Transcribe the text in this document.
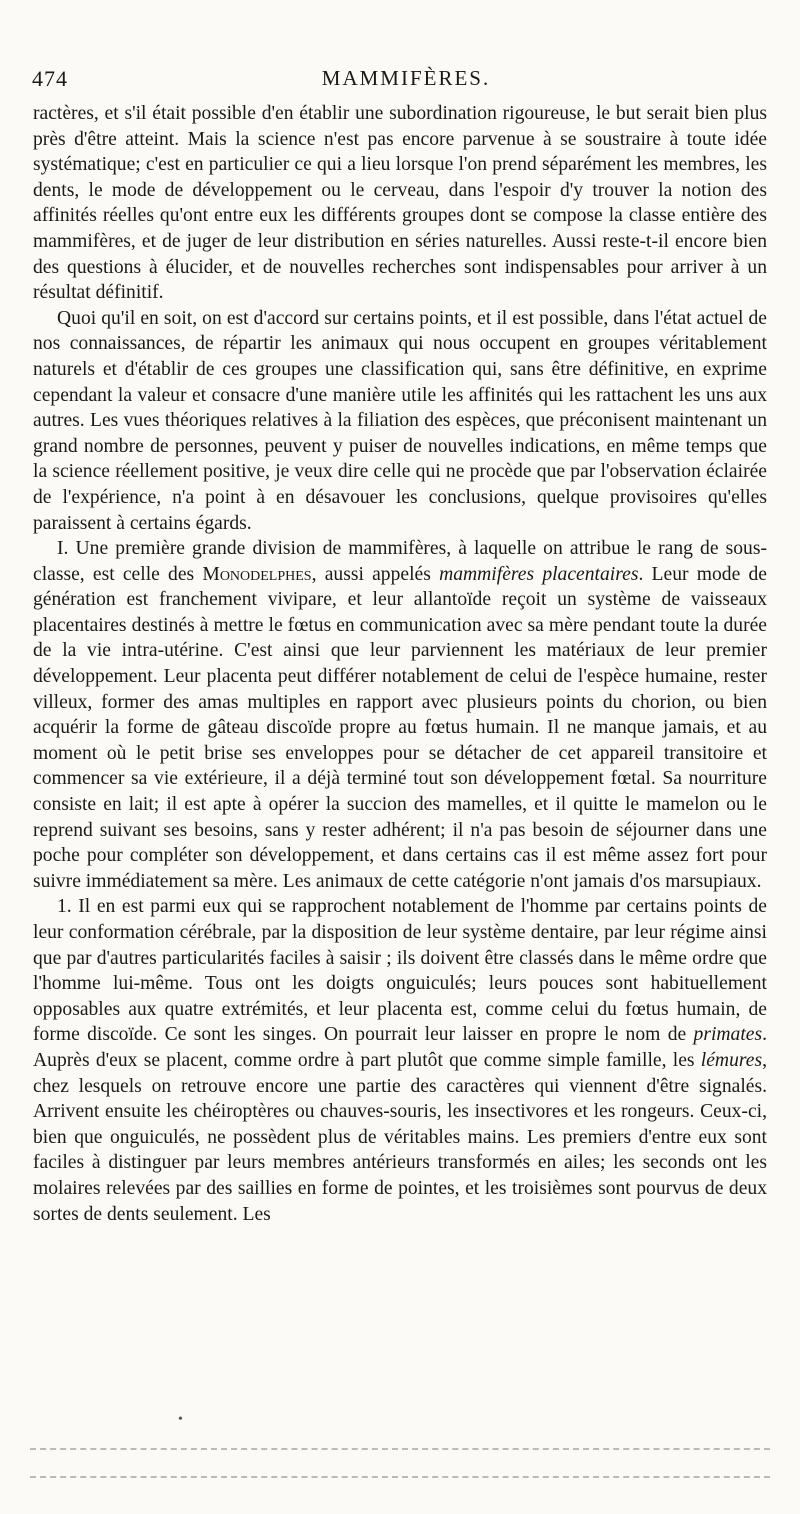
474	MAMMIFÈRES.

ractères, et s'il était possible d'en établir une subordination rigoureuse, le but serait bien plus près d'être atteint. Mais la science n'est pas encore parvenue à se soustraire à toute idée systématique; c'est en particulier ce qui a lieu lorsque l'on prend séparément les membres, les dents, le mode de développement ou le cerveau, dans l'espoir d'y trouver la notion des affinités réelles qu'ont entre eux les différents groupes dont se compose la classe entière des mammifères, et de juger de leur distribution en séries naturelles. Aussi reste-t-il encore bien des questions à élucider, et de nouvelles recherches sont indispensables pour arriver à un résultat définitif.

Quoi qu'il en soit, on est d'accord sur certains points, et il est possible, dans l'état actuel de nos connaissances, de répartir les animaux qui nous occupent en groupes véritablement naturels et d'établir de ces groupes une classification qui, sans être définitive, en exprime cependant la valeur et consacre d'une manière utile les affinités qui les rattachent les uns aux autres. Les vues théoriques relatives à la filiation des espèces, que préconisent maintenant un grand nombre de personnes, peuvent y puiser de nouvelles indications, en même temps que la science réellement positive, je veux dire celle qui ne procède que par l'observation éclairée de l'expérience, n'a point à en désavouer les conclusions, quelque provisoires qu'elles paraissent à certains égards.

I. Une première grande division de mammifères, à laquelle on attribue le rang de sous-classe, est celle des Monodelphes, aussi appelés mammifères placentaires. Leur mode de génération est franchement vivipare, et leur allantoïde reçoit un système de vaisseaux placentaires destinés à mettre le fœtus en communication avec sa mère pendant toute la durée de la vie intra-utérine. C'est ainsi que leur parviennent les matériaux de leur premier développement. Leur placenta peut différer notablement de celui de l'espèce humaine, rester villeux, former des amas multiples en rapport avec plusieurs points du chorion, ou bien acquérir la forme de gâteau discoïde propre au fœtus humain. Il ne manque jamais, et au moment où le petit brise ses enveloppes pour se détacher de cet appareil transitoire et commencer sa vie extérieure, il a déjà terminé tout son développement fœtal. Sa nourriture consiste en lait; il est apte à opérer la succion des mamelles, et il quitte le mamelon ou le reprend suivant ses besoins, sans y rester adhérent; il n'a pas besoin de séjourner dans une poche pour compléter son développement, et dans certains cas il est même assez fort pour suivre immédiatement sa mère. Les animaux de cette catégorie n'ont jamais d'os marsupiaux.

1. Il en est parmi eux qui se rapprochent notablement de l'homme par certains points de leur conformation cérébrale, par la disposition de leur système dentaire, par leur régime ainsi que par d'autres particularités faciles à saisir ; ils doivent être classés dans le même ordre que l'homme lui-même. Tous ont les doigts onguiculés; leurs pouces sont habituellement opposables aux quatre extrémités, et leur placenta est, comme celui du fœtus humain, de forme discoïde. Ce sont les singes. On pourrait leur laisser en propre le nom de primates. Auprès d'eux se placent, comme ordre à part plutôt que comme simple famille, les lémures, chez lesquels on retrouve encore une partie des caractères qui viennent d'être signalés. Arrivent ensuite les chéiroptères ou chauves-souris, les insectivores et les rongeurs. Ceux-ci, bien que onguiculés, ne possèdent plus de véritables mains. Les premiers d'entre eux sont faciles à distinguer par leurs membres antérieurs transformés en ailes; les seconds ont les molaires relevées par des saillies en forme de pointes, et les troisièmes sont pourvus de deux sortes de dents seulement. Les

•
